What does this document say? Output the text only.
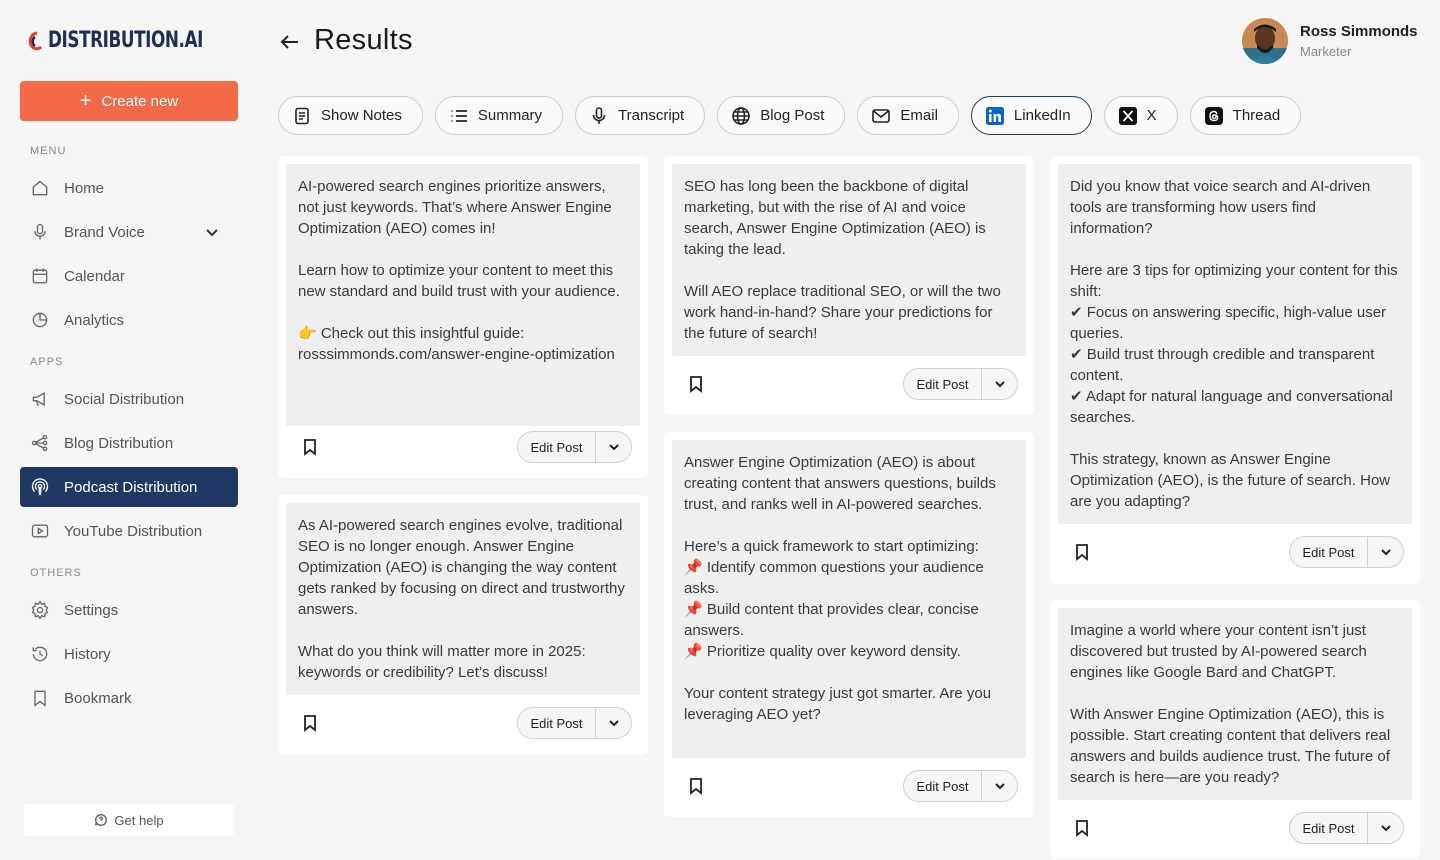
DISTRIBUTION.AI
+ Create new
MENU
Home
Brand Voice
Calendar
Analytics
APPS
Social Distribution
Blog Distribution
Podcast Distribution
YouTube Distribution
OTHERS
Settings
History
Bookmark
Get help
Results	Ross Simmonds
Marketer
Show Notes	Summary	Transcript	Blog Post	Email	LinkedIn	X	Thread
AI-powered search engines prioritize answers, not just keywords. That’s where Answer Engine Optimization (AEO) comes in!

Learn how to optimize your content to meet this new standard and build trust with your audience.

👉 Check out this insightful guide: rosssimmonds.com/answer-engine-optimization
Edit Post
As AI-powered search engines evolve, traditional SEO is no longer enough. Answer Engine Optimization (AEO) is changing the way content gets ranked by focusing on direct and trustworthy answers.

What do you think will matter more in 2025: keywords or credibility? Let’s discuss!
Edit Post
SEO has long been the backbone of digital marketing, but with the rise of AI and voice search, Answer Engine Optimization (AEO) is taking the lead.

Will AEO replace traditional SEO, or will the two work hand-in-hand? Share your predictions for the future of search!
Edit Post
Answer Engine Optimization (AEO) is about creating content that answers questions, builds trust, and ranks well in AI-powered searches.

Here’s a quick framework to start optimizing:
📌 Identify common questions your audience asks.
📌 Build content that provides clear, concise answers.
📌 Prioritize quality over keyword density.

Your content strategy just got smarter. Are you leveraging AEO yet?
Edit Post
Did you know that voice search and AI-driven tools are transforming how users find information?

Here are 3 tips for optimizing your content for this shift:
✔ Focus on answering specific, high-value user queries.
✔ Build trust through credible and transparent content.
✔ Adapt for natural language and conversational searches.

This strategy, known as Answer Engine Optimization (AEO), is the future of search. How are you adapting?
Edit Post
Imagine a world where your content isn’t just discovered but trusted by AI-powered search engines like Google Bard and ChatGPT.

With Answer Engine Optimization (AEO), this is possible. Start creating content that delivers real answers and builds audience trust. The future of search is here—are you ready?
Edit Post
